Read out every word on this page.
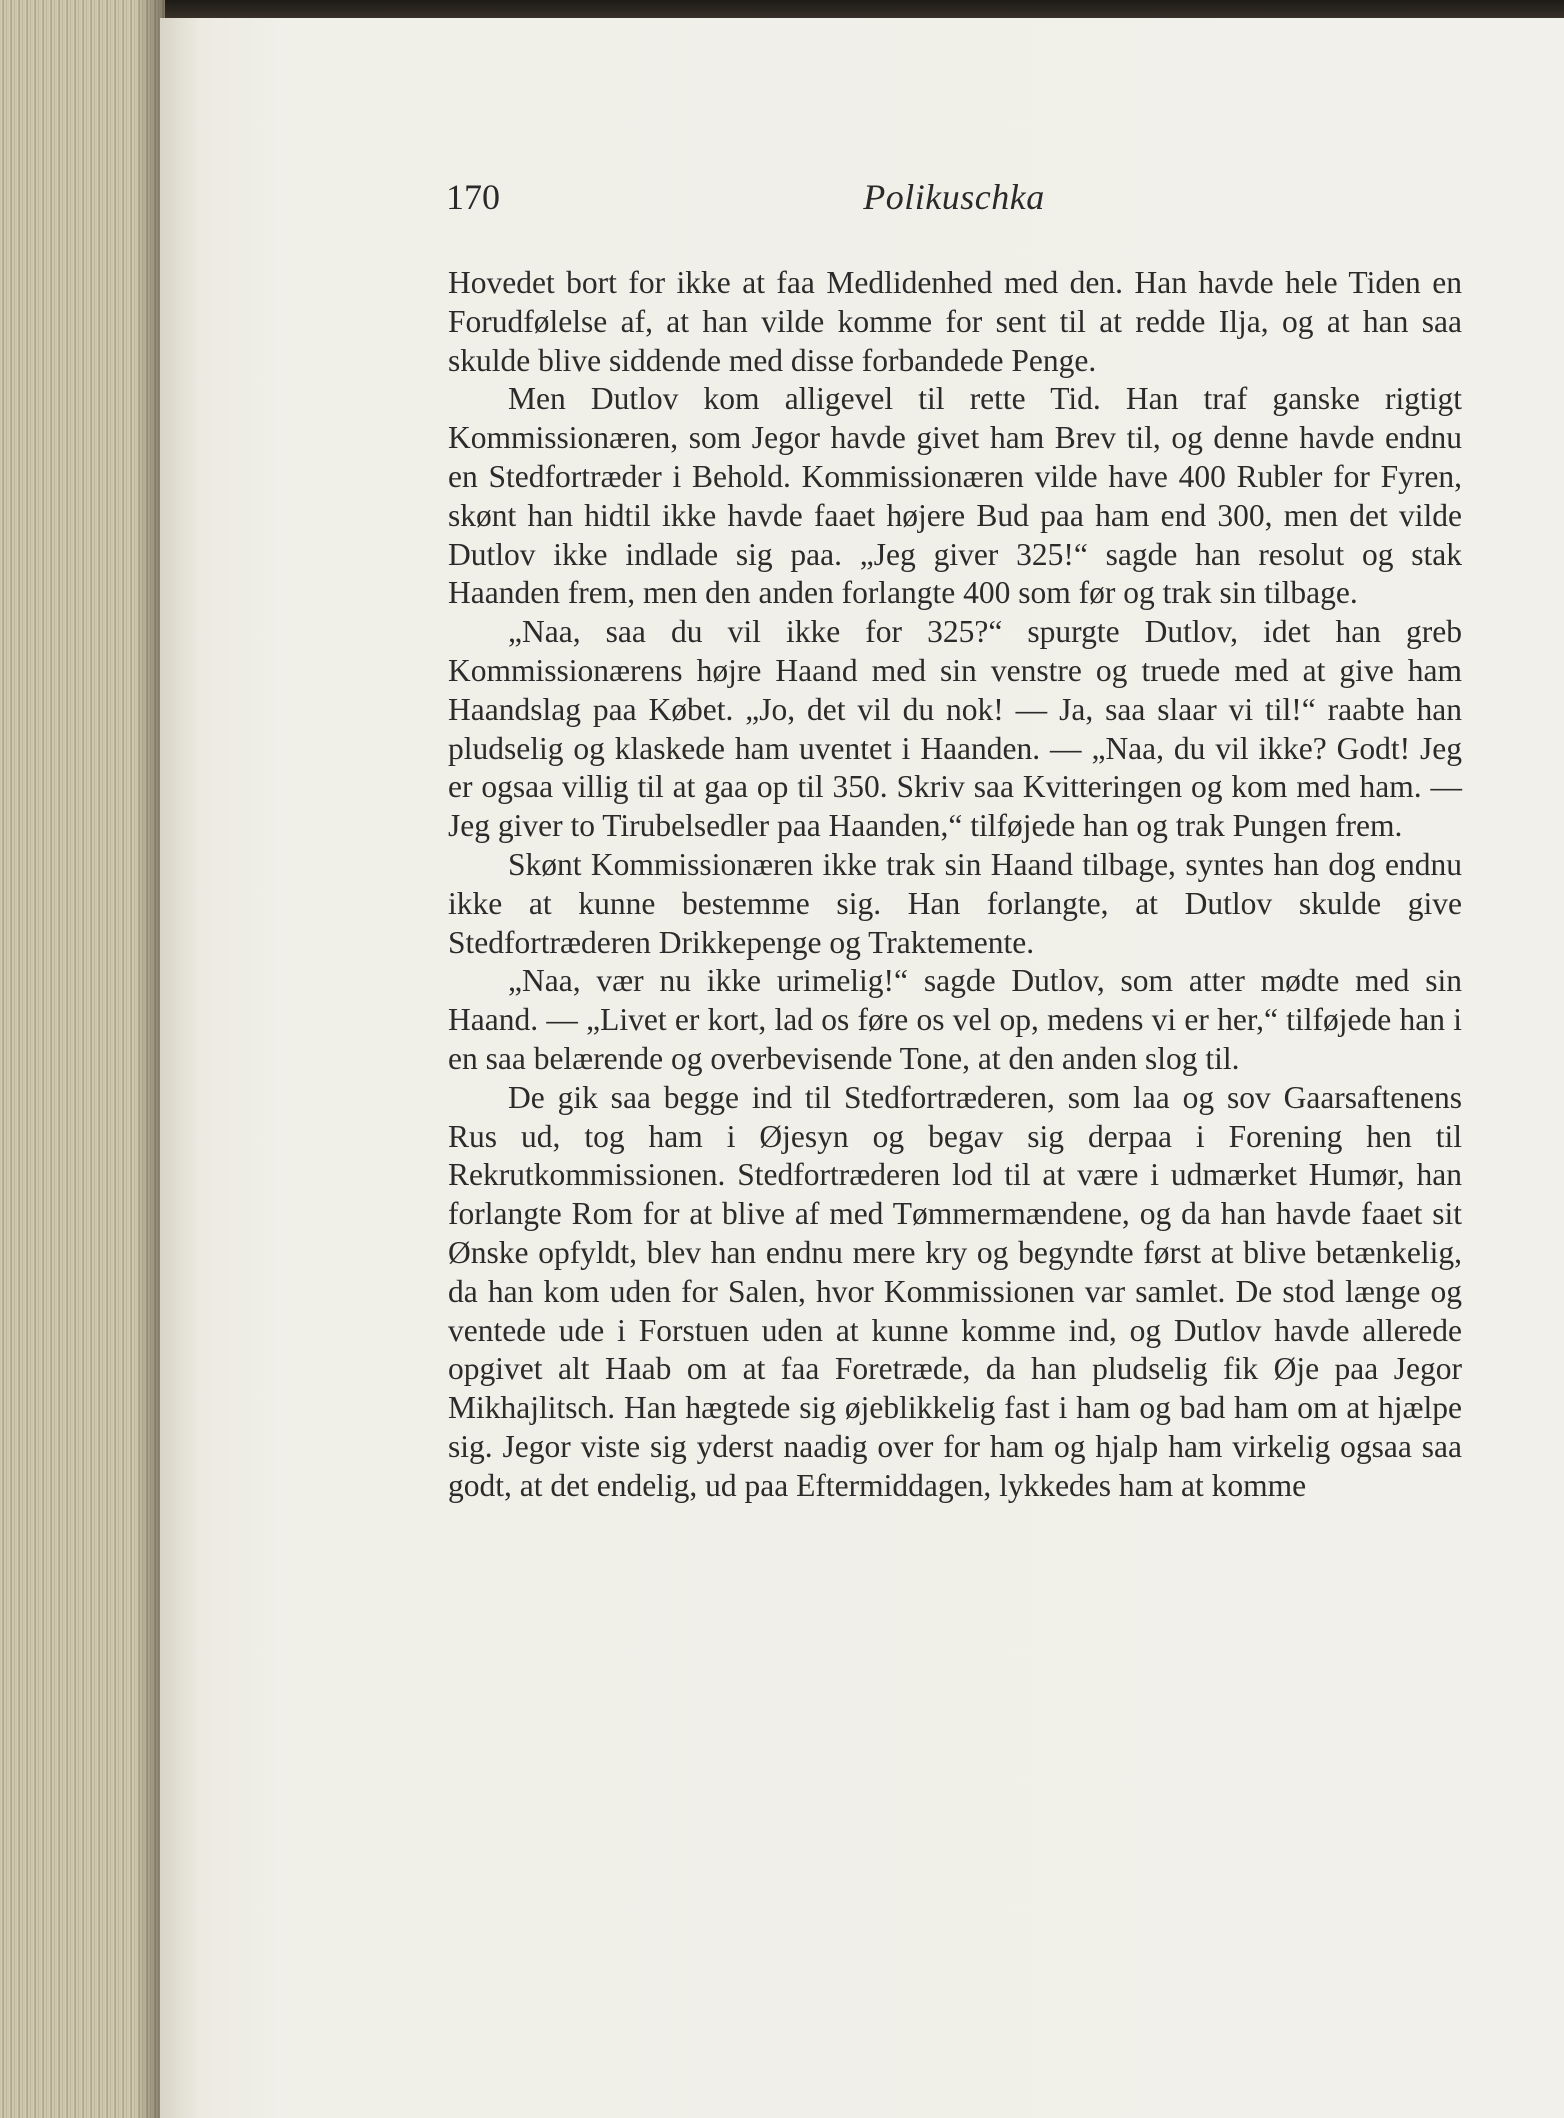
170	Polikuschka

Hovedet bort for ikke at faa Medlidenhed med den. Han havde hele Tiden en Forudfølelse af, at han vilde komme for sent til at redde Ilja, og at han saa skulde blive siddende med disse forbandede Penge.

Men Dutlov kom alligevel til rette Tid. Han traf ganske rigtigt Kommissionæren, som Jegor havde givet ham Brev til, og denne havde endnu en Stedfortræder i Behold. Kommissionæren vilde have 400 Rubler for Fyren, skønt han hidtil ikke havde faaet højere Bud paa ham end 300, men det vilde Dutlov ikke indlade sig paa. „Jeg giver 325!“ sagde han resolut og stak Haanden frem, men den anden forlangte 400 som før og trak sin tilbage.

„Naa, saa du vil ikke for 325?“ spurgte Dutlov, idet han greb Kommissionærens højre Haand med sin venstre og truede med at give ham Haandslag paa Købet. „Jo, det vil du nok! — Ja, saa slaar vi til!“ raabte han pludselig og klaskede ham uventet i Haanden. — „Naa, du vil ikke? Godt! Jeg er ogsaa villig til at gaa op til 350. Skriv saa Kvitteringen og kom med ham. — Jeg giver to Tirubelsedler paa Haanden,“ tilføjede han og trak Pungen frem.

Skønt Kommissionæren ikke trak sin Haand tilbage, syntes han dog endnu ikke at kunne bestemme sig. Han forlangte, at Dutlov skulde give Stedfortræderen Drikkepenge og Traktemente.

„Naa, vær nu ikke urimelig!“ sagde Dutlov, som atter mødte med sin Haand. — „Livet er kort, lad os føre os vel op, medens vi er her,“ tilføjede han i en saa belærende og overbevisende Tone, at den anden slog til.

De gik saa begge ind til Stedfortræderen, som laa og sov Gaarsaftenens Rus ud, tog ham i Øjesyn og begav sig derpaa i Forening hen til Rekrutkommissionen. Stedfortræderen lod til at være i udmærket Humør, han forlangte Rom for at blive af med Tømmermændene, og da han havde faaet sit Ønske opfyldt, blev han endnu mere kry og begyndte først at blive betænkelig, da han kom uden for Salen, hvor Kommissionen var samlet. De stod længe og ventede ude i Forstuen uden at kunne komme ind, og Dutlov havde allerede opgivet alt Haab om at faa Foretræde, da han pludselig fik Øje paa Jegor Mikhajlitsch. Han hægtede sig øjeblikkelig fast i ham og bad ham om at hjælpe sig. Jegor viste sig yderst naadig over for ham og hjalp ham virkelig ogsaa saa godt, at det endelig, ud paa Eftermiddagen, lykkedes ham at komme
